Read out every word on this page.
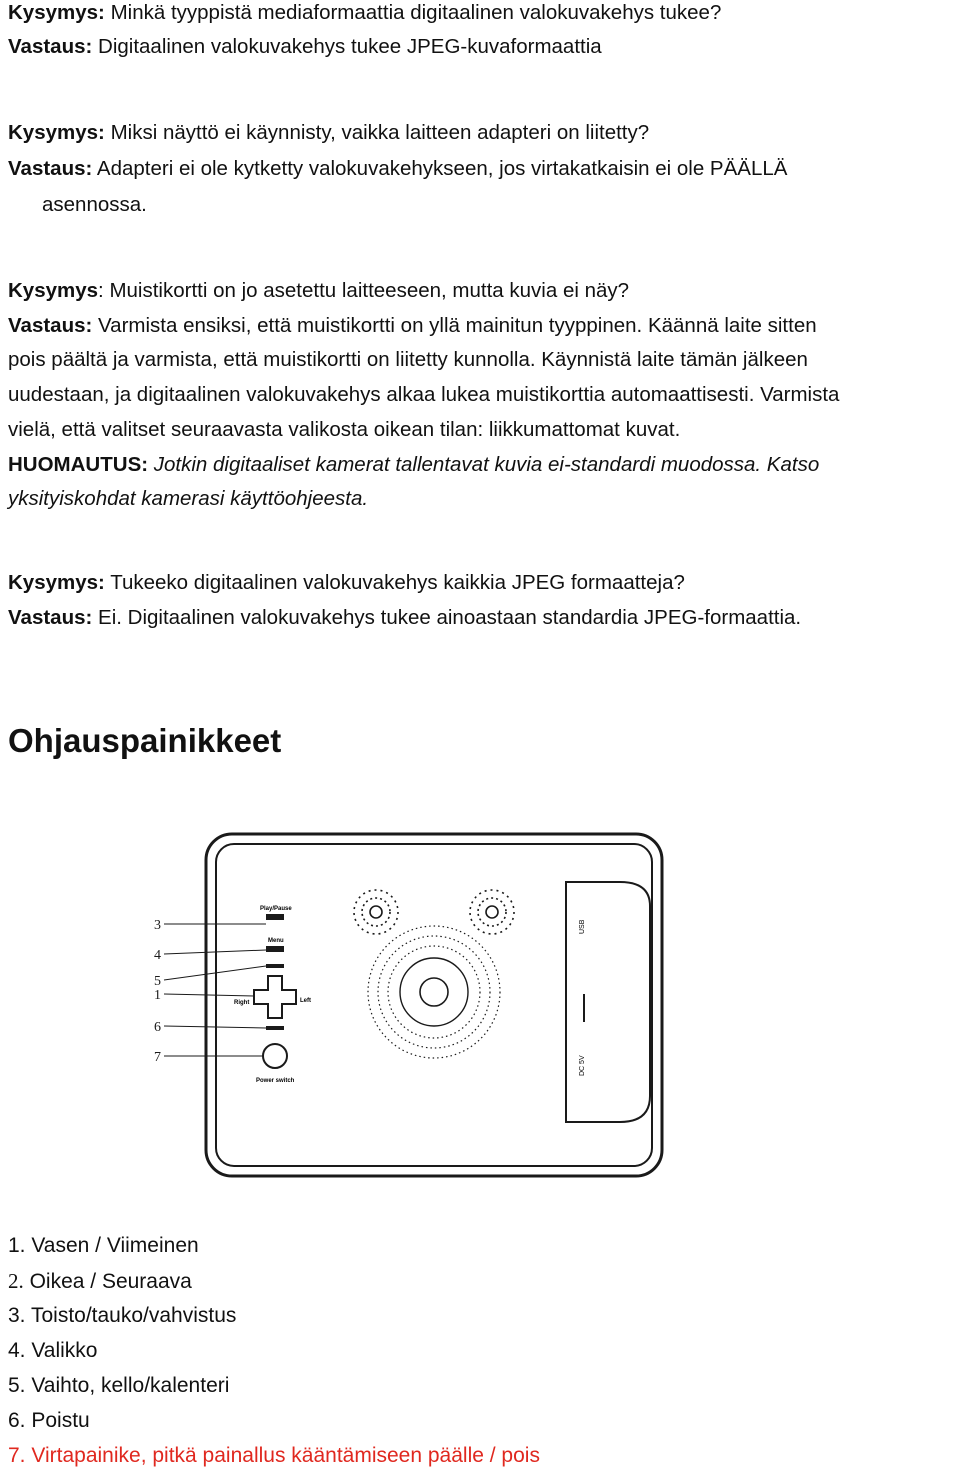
Kysymys: Minkä tyyppistä mediaformaattia digitaalinen valokuvakehys tukee?
Vastaus: Digitaalinen valokuvakehys tukee JPEG-kuvaformaattia
Kysymys: Miksi näyttö ei käynnisty, vaikka laitteen adapteri on liitetty?
Vastaus: Adapteri ei ole kytketty valokuvakehykseen, jos virtakatkaisin ei ole PÄÄLLÄ
asennossa.
Kysymys: Muistikortti on jo asetettu laitteeseen, mutta kuvia ei näy?
Vastaus: Varmista ensiksi, että muistikortti on yllä mainitun tyyppinen. Käännä laite sitten
pois päältä ja varmista, että muistikortti on liitetty kunnolla. Käynnistä laite tämän jälkeen
uudestaan, ja digitaalinen valokuvakehys alkaa lukea muistikorttia automaattisesti. Varmista
vielä, että valitset seuraavasta valikosta oikean tilan: liikkumattomat kuvat.
HUOMAUTUS: Jotkin digitaaliset kamerat tallentavat kuvia ei-standardi muodossa. Katso
yksityiskohdat kamerasi käyttöohjeesta.
Kysymys: Tukeeko digitaalinen valokuvakehys kaikkia JPEG formaatteja?
Vastaus: Ei. Digitaalinen valokuvakehys tukee ainoastaan standardia JPEG-formaattia.
Ohjauspainikkeet
USB
DC 5V
Play/Pause
Menu
Right	Left
Power switch
3
4
5
1
6
7
1. Vasen / Viimeinen
2. Oikea / Seuraava
3. Toisto/tauko/vahvistus
4. Valikko
5. Vaihto, kello/kalenteri
6. Poistu
7. Virtapainike, pitkä painallus kääntämiseen päälle / pois
